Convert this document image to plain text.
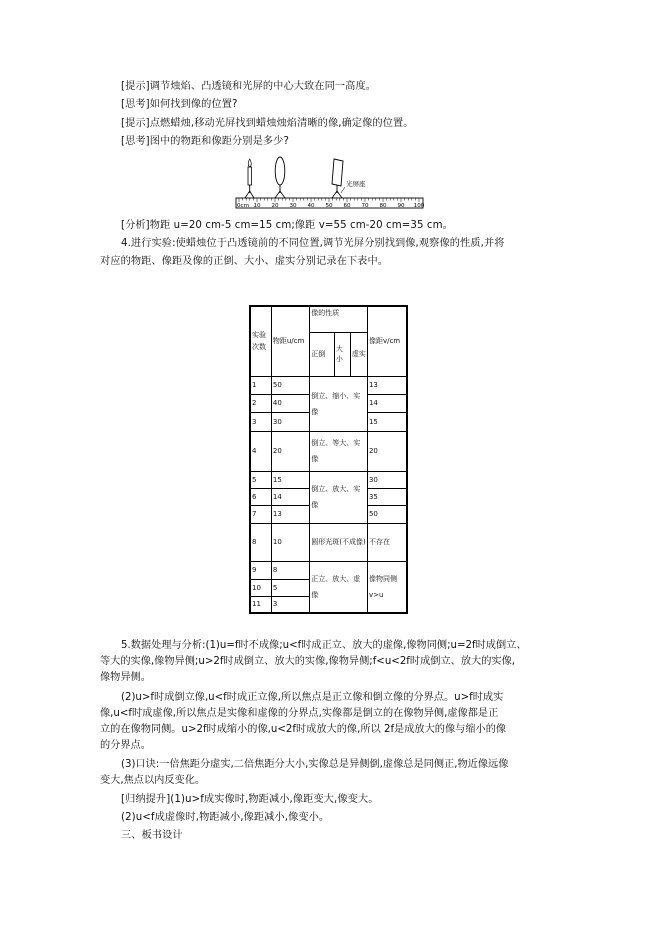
[提示]调节烛焰、凸透镜和光屏的中心大致在同一高度。
[思考]如何找到像的位置?
[提示]点燃蜡烛,移动光屏找到蜡烛烛焰清晰的像,确定像的位置。
[思考]图中的物距和像距分别是多少?
光屏座
0cm 10 20 30 40 50 60 70 80 90 100
[分析]物距 u=20 cm-5 cm=15 cm;像距 v=55 cm-20 cm=35 cm。
4.进行实验:使蜡烛位于凸透镜前的不同位置,调节光屏分别找到像,观察像的性质,并将
对应的物距、像距及像的正倒、大小、虚实分别记录在下表中。
实验次数	物距u/cm	像的性质			像距v/cm
		正倒	大小	虚实	
1	50	倒立、缩小、实像			13
2	40				14
3	30				15
4	20	倒立、等大、实像			20
5	15	倒立、放大、实像			30
6	14				35
7	13				50
8	10	圆形光斑(不成像)			不存在
9	8	正立、放大、虚像			像物同侧 v>u
10	5				
11	3				
5.数据处理与分析:(1)u=f时不成像;u<f时成正立、放大的虚像,像物同侧;u=2f时成倒立、
等大的实像,像物异侧;u>2f时成倒立、放大的实像,像物异侧;f<u<2f时成倒立、放大的实像,
像物异侧。
(2)u>f时成倒立像,u<f时成正立像,所以焦点是正立像和倒立像的分界点。u>f时成实
像,u<f时成虚像,所以焦点是实像和虚像的分界点,实像都是倒立的在像物异侧,虚像都是正
立的在像物同侧。u>2f时成缩小的像,u<2f时成放大的像,所以 2f是成放大的像与缩小的像
的分界点。
(3)口诀:一倍焦距分虚实,二倍焦距分大小,实像总是异侧倒,虚像总是同侧正,物近像远像
变大,焦点以内反变化。
[归纳提升](1)u>f成实像时,物距减小,像距变大,像变大。
(2)u<f成虚像时,物距减小,像距减小,像变小。
三、板书设计
